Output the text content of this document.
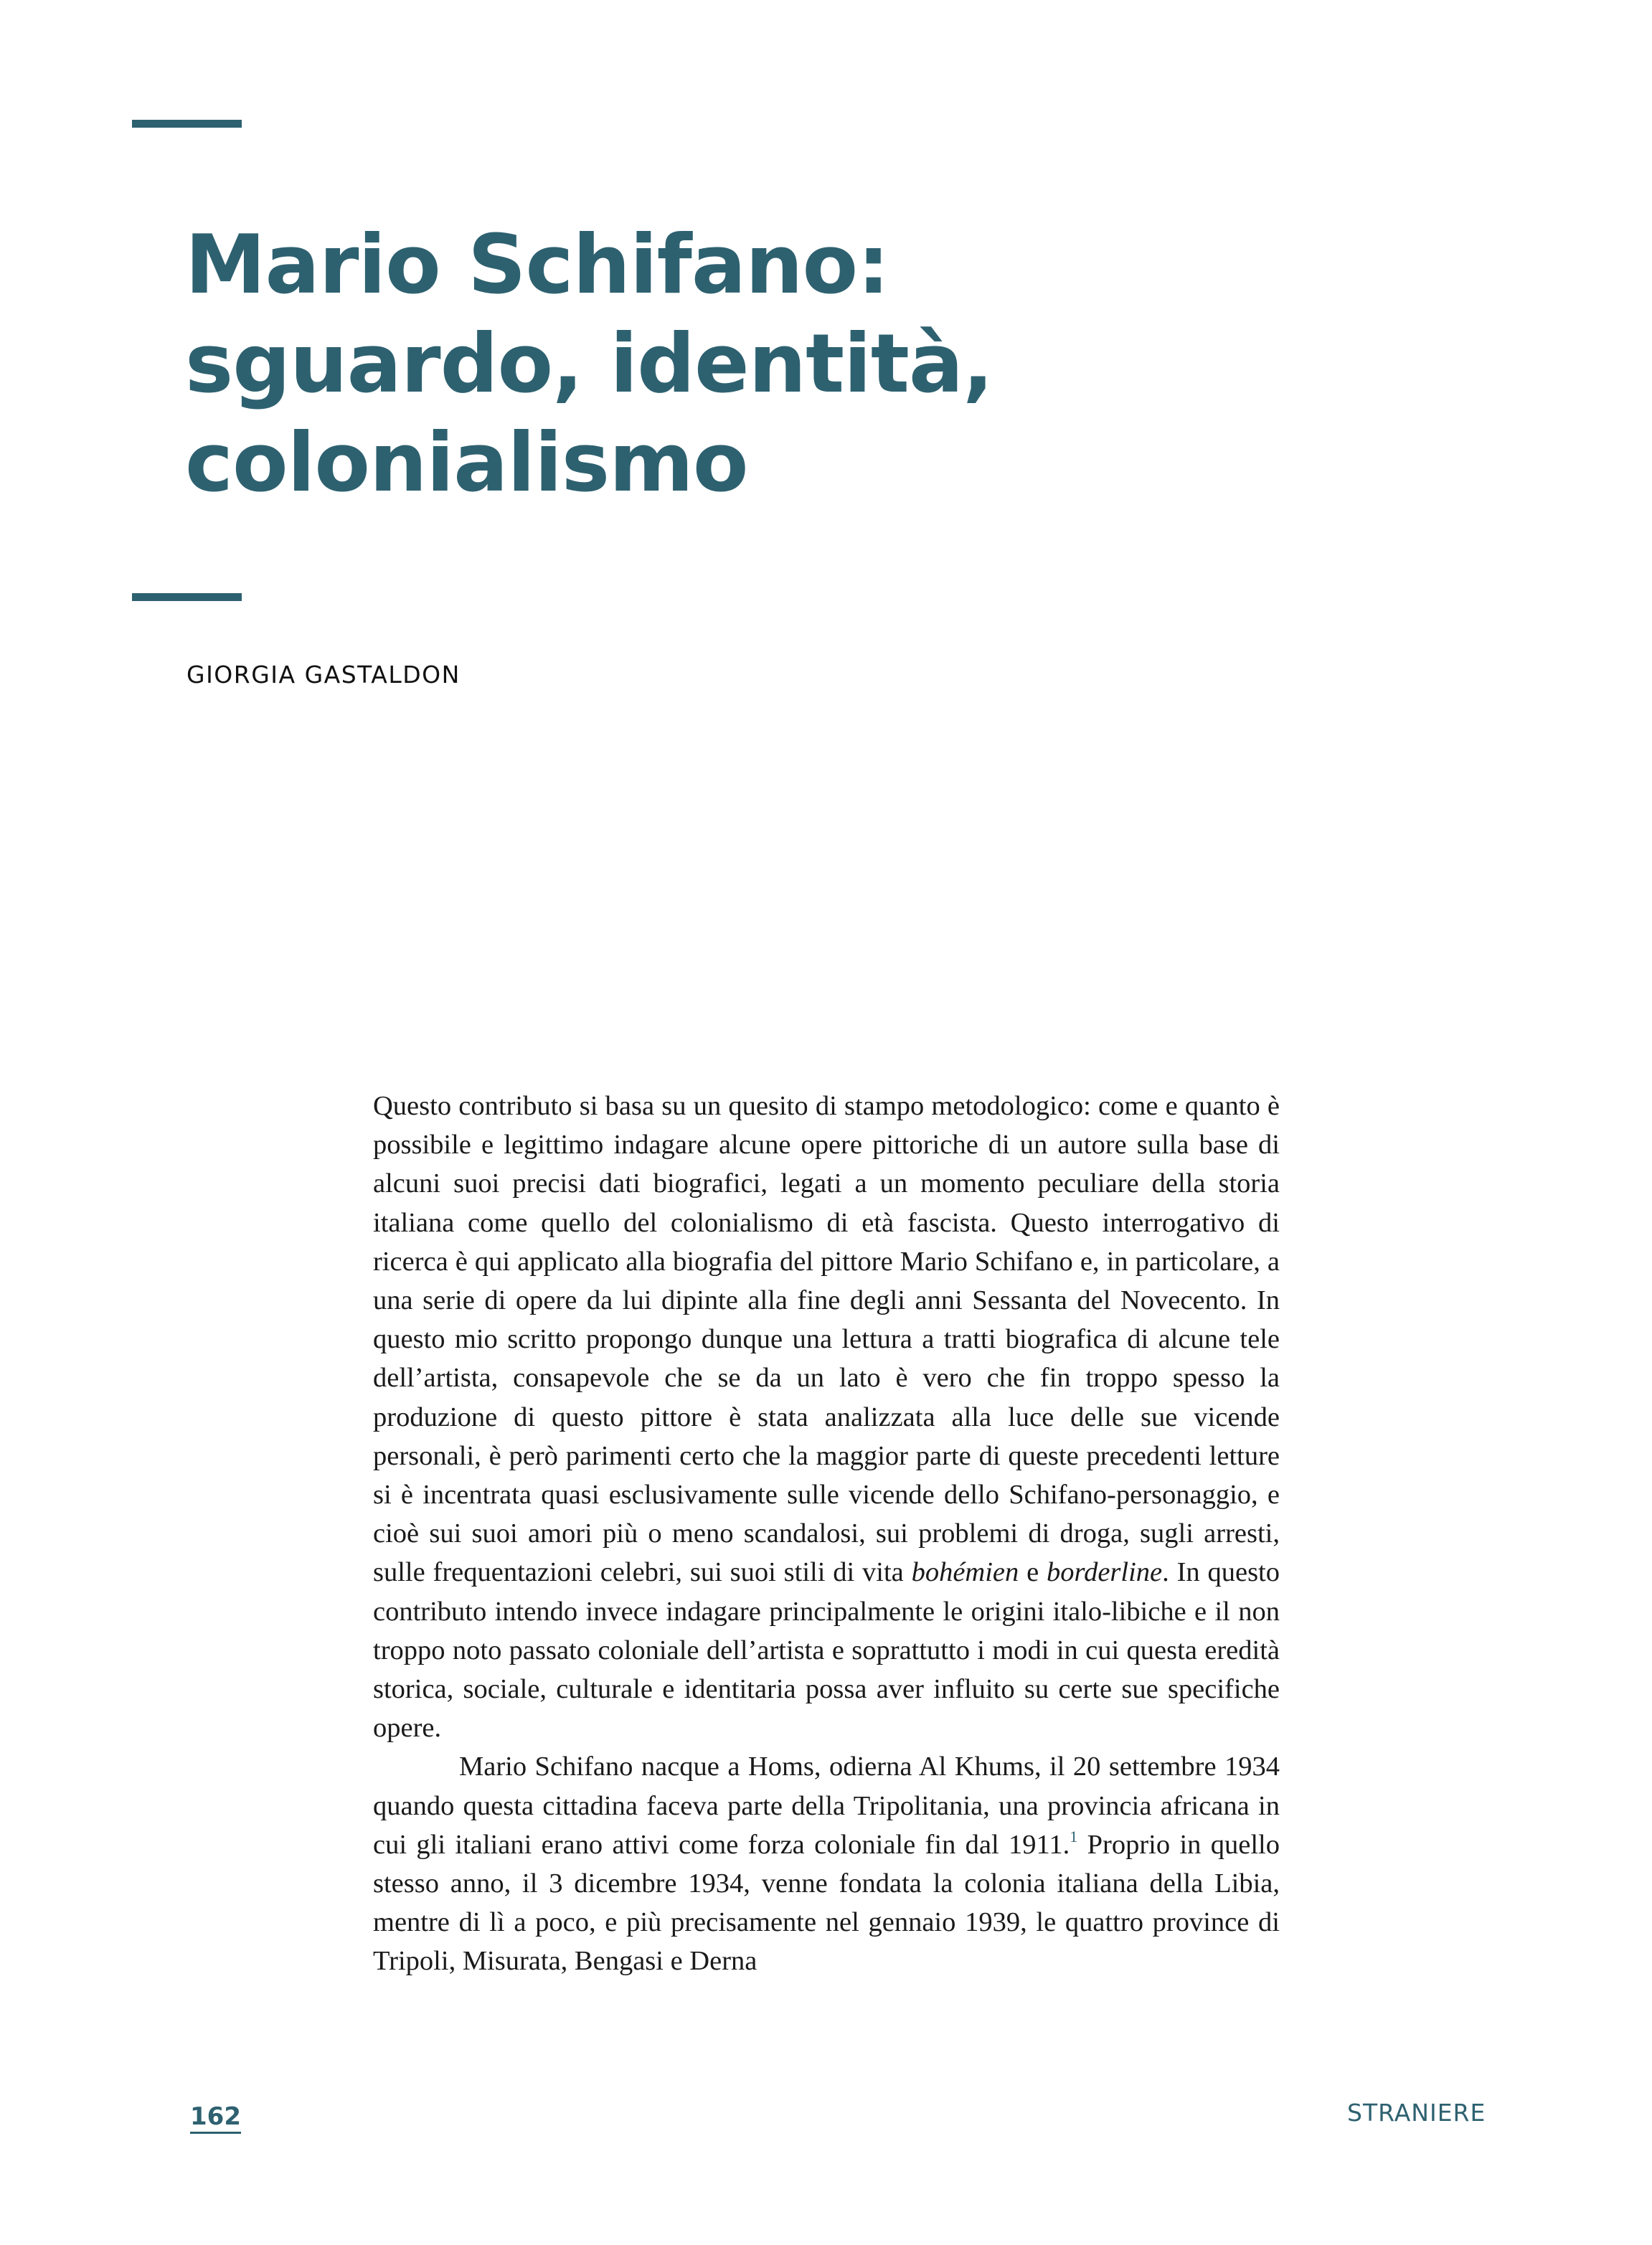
Mario Schifano:
sguardo, identità,
colonialismo
GIORGIA GASTALDON

Questo contributo si basa su un quesito di stampo metodologico: come e quanto è possibile e legittimo indagare alcune opere pittoriche di un autore sulla base di alcuni suoi precisi dati biografici, legati a un momento peculiare della storia italiana come quello del colonialismo di età fascista. Questo interrogativo di ricerca è qui applicato alla biografia del pittore Mario Schifano e, in particolare, a una serie di opere da lui dipinte alla fine degli anni Sessanta del Novecento. In questo mio scritto propongo dunque una lettura a tratti biografica di alcune tele dell’artista, consapevole che se da un lato è vero che fin troppo spesso la produzione di questo pittore è stata analizzata alla luce delle sue vicende personali, è però parimenti certo che la maggior parte di queste precedenti letture si è incentrata quasi esclusivamente sulle vicende dello Schifano-personaggio, e cioè sui suoi amori più o meno scandalosi, sui problemi di droga, sugli arresti, sulle frequentazioni celebri, sui suoi stili di vita bohémien e borderline. In questo contributo intendo invece indagare principalmente le origini italo-libiche e il non troppo noto passato coloniale dell’artista e soprattutto i modi in cui questa eredità storica, sociale, culturale e identitaria possa aver influito su certe sue specifiche opere.

Mario Schifano nacque a Homs, odierna Al Khums, il 20 settembre 1934 quando questa cittadina faceva parte della Tripolitania, una provincia africana in cui gli italiani erano attivi come forza coloniale fin dal 1911.$^1$ Proprio in quello stesso anno, il 3 dicembre 1934, venne fondata la colonia italiana della Libia, mentre di lì a poco, e più precisamente nel gennaio 1939, le quattro province di Tripoli, Misurata, Bengasi e Derna

162	STRANIERE
